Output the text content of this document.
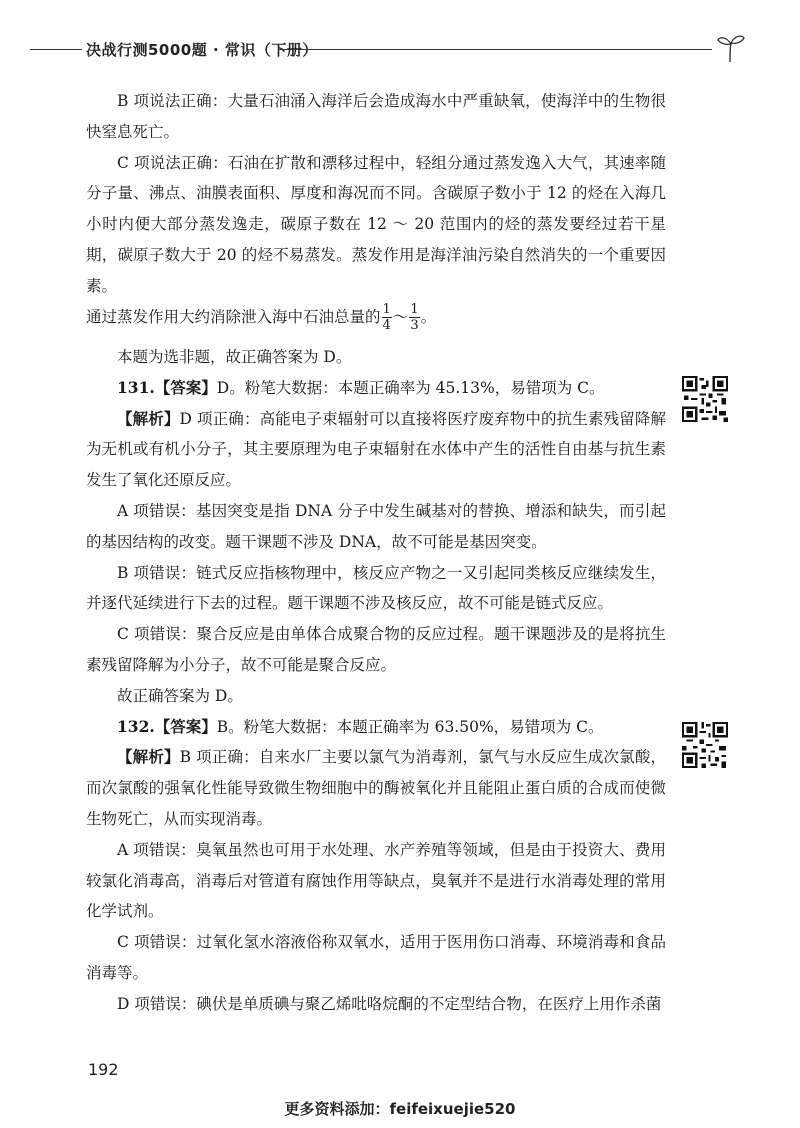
决战行测5000题 · 常识（下册）

B 项说法正确：大量石油涌入海洋后会造成海水中严重缺氧，使海洋中的生物很快窒息死亡。

C 项说法正确：石油在扩散和漂移过程中，轻组分通过蒸发逸入大气，其速率随分子量、沸点、油膜表面积、厚度和海况而不同。含碳原子数小于 12 的烃在入海几小时内便大部分蒸发逸走，碳原子数在 12 ～ 20 范围内的烃的蒸发要经过若干星期，碳原子数大于 20 的烃不易蒸发。蒸发作用是海洋油污染自然消失的一个重要因素。

通过蒸发作用大约消除泄入海中石油总量的 $\frac{1}{4}$ ～ $\frac{1}{3}$ 。

本题为选非题，故正确答案为 D。

131.【答案】D。粉笔大数据：本题正确率为 45.13%，易错项为 C。

【解析】D 项正确：高能电子束辐射可以直接将医疗废弃物中的抗生素残留降解为无机或有机小分子，其主要原理为电子束辐射在水体中产生的活性自由基与抗生素发生了氧化还原反应。

A 项错误：基因突变是指 DNA 分子中发生碱基对的替换、增添和缺失，而引起的基因结构的改变。题干课题不涉及 DNA，故不可能是基因突变。

B 项错误：链式反应指核物理中，核反应产物之一又引起同类核反应继续发生，并逐代延续进行下去的过程。题干课题不涉及核反应，故不可能是链式反应。

C 项错误：聚合反应是由单体合成聚合物的反应过程。题干课题涉及的是将抗生素残留降解为小分子，故不可能是聚合反应。

故正确答案为 D。

132.【答案】B。粉笔大数据：本题正确率为 63.50%，易错项为 C。

【解析】B 项正确：自来水厂主要以氯气为消毒剂，氯气与水反应生成次氯酸，而次氯酸的强氧化性能导致微生物细胞中的酶被氧化并且能阻止蛋白质的合成而使微生物死亡，从而实现消毒。

A 项错误：臭氧虽然也可用于水处理、水产养殖等领域，但是由于投资大、费用较氯化消毒高，消毒后对管道有腐蚀作用等缺点，臭氧并不是进行水消毒处理的常用化学试剂。

C 项错误：过氧化氢水溶液俗称双氧水，适用于医用伤口消毒、环境消毒和食品消毒等。

D 项错误：碘伏是单质碘与聚乙烯吡咯烷酮的不定型结合物，在医疗上用作杀菌

192
更多资料添加：feifeixuejie520
